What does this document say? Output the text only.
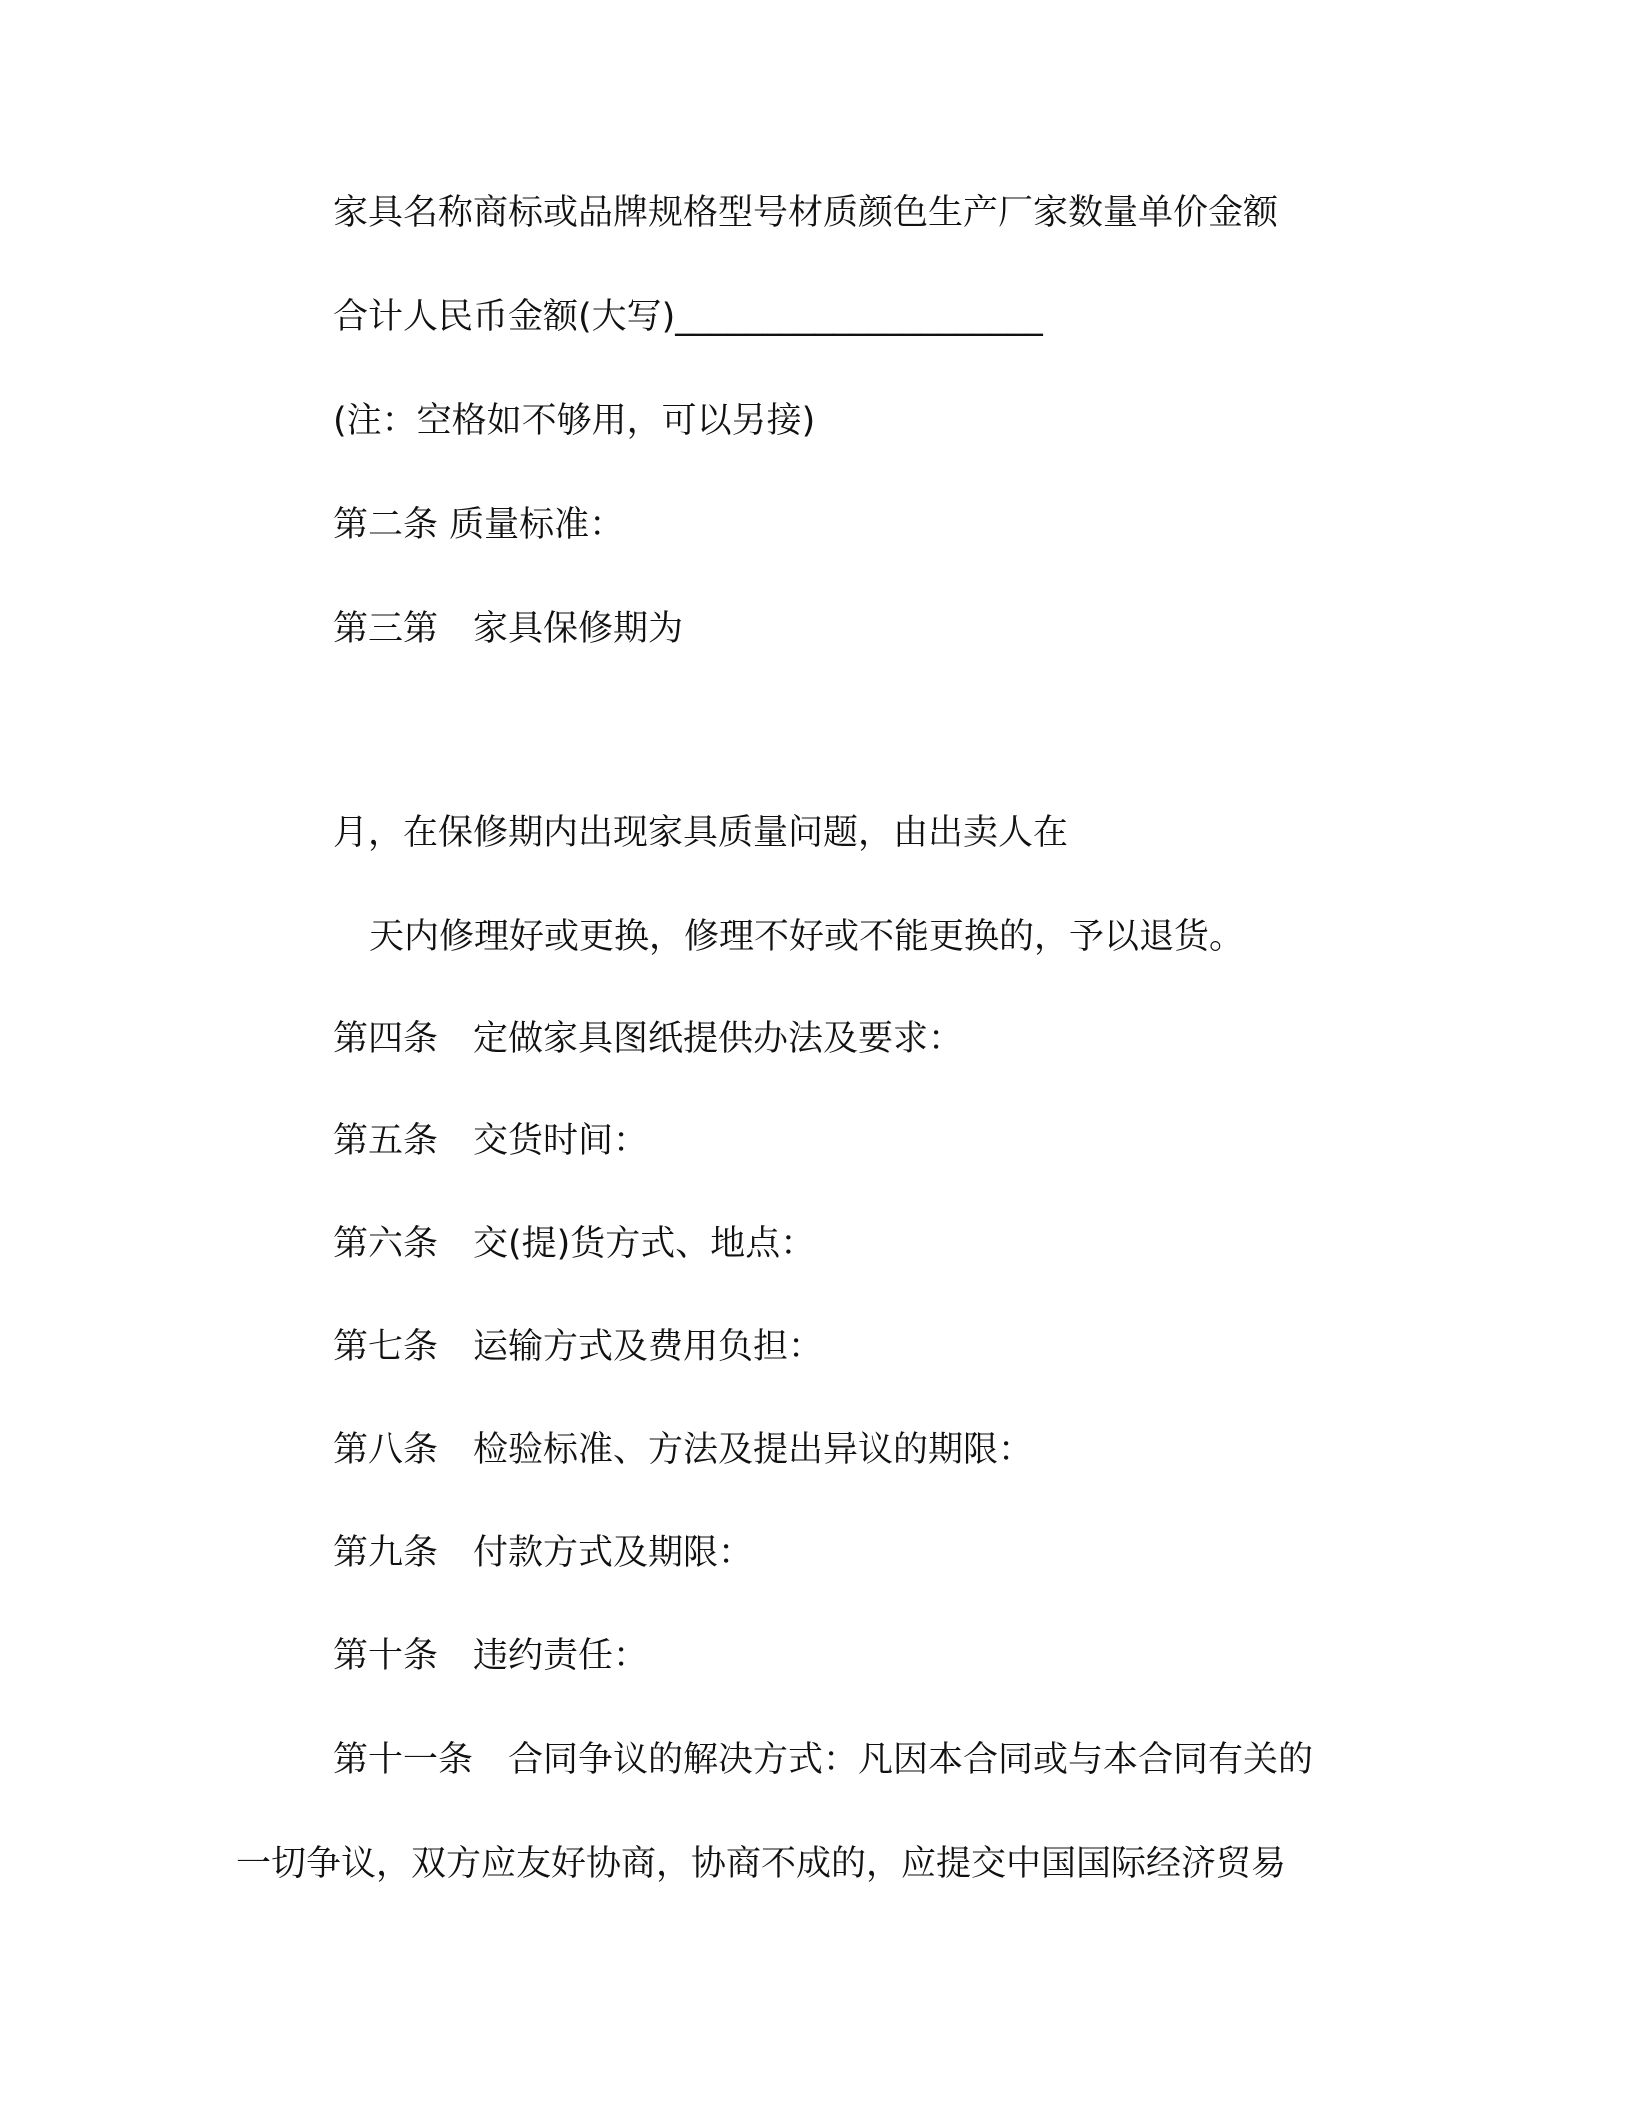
家具名称商标或品牌规格型号材质颜色生产厂家数量单价金额
合计人民币金额(大写)_____________________
(注：空格如不够用，可以另接)
第二条 质量标准：
第三第　家具保修期为
月，在保修期内出现家具质量问题，由出卖人在
天内修理好或更换，修理不好或不能更换的，予以退货。
第四条　定做家具图纸提供办法及要求：
第五条　交货时间：
第六条　交(提)货方式、地点：
第七条　运输方式及费用负担：
第八条　检验标准、方法及提出异议的期限：
第九条　付款方式及期限：
第十条　违约责任：
第十一条　合同争议的解决方式：凡因本合同或与本合同有关的
一切争议，双方应友好协商，协商不成的，应提交中国国际经济贸易
